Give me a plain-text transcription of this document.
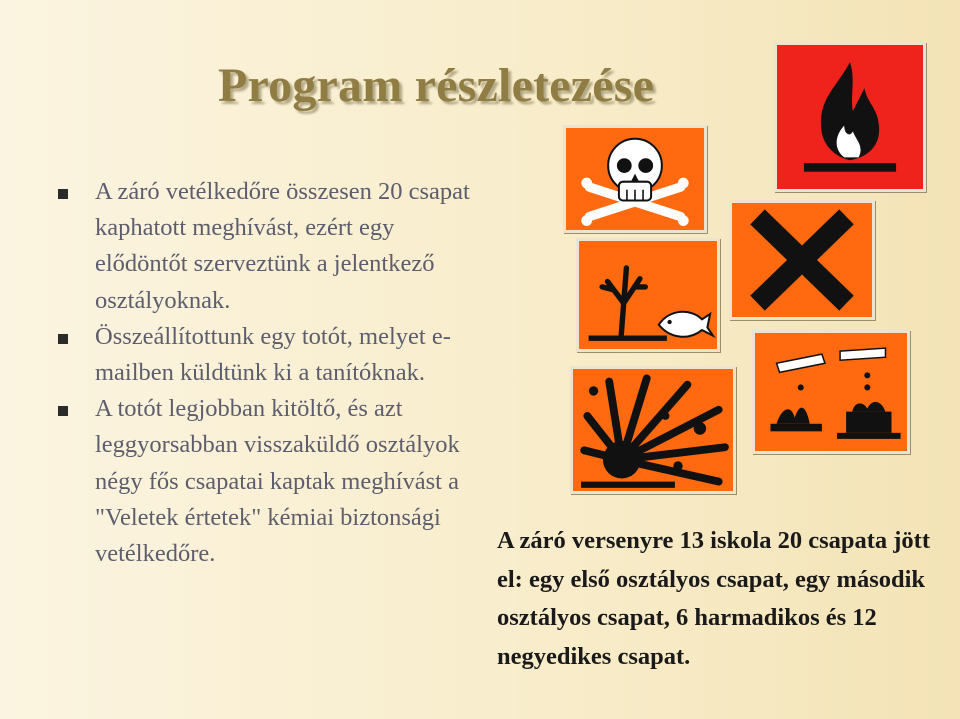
Program részletezése
A záró vetélkedőre összesen 20 csapat kaphatott meghívást, ezért egy elődöntőt szerveztünk a jelentkező osztályoknak.
Összeállítottunk egy totót, melyet e-mailben küldtünk ki a tanítóknak.
A totót legjobban kitöltő, és azt leggyorsabban visszaküldő osztályok négy fős csapatai kaptak meghívást a "Veletek értetek" kémiai biztonsági vetélkedőre.	A záró versenyre 13 iskola 20 csapata jött el: egy első osztályos csapat, egy második osztályos csapat, 6 harmadikos és 12 negyedikes csapat.
